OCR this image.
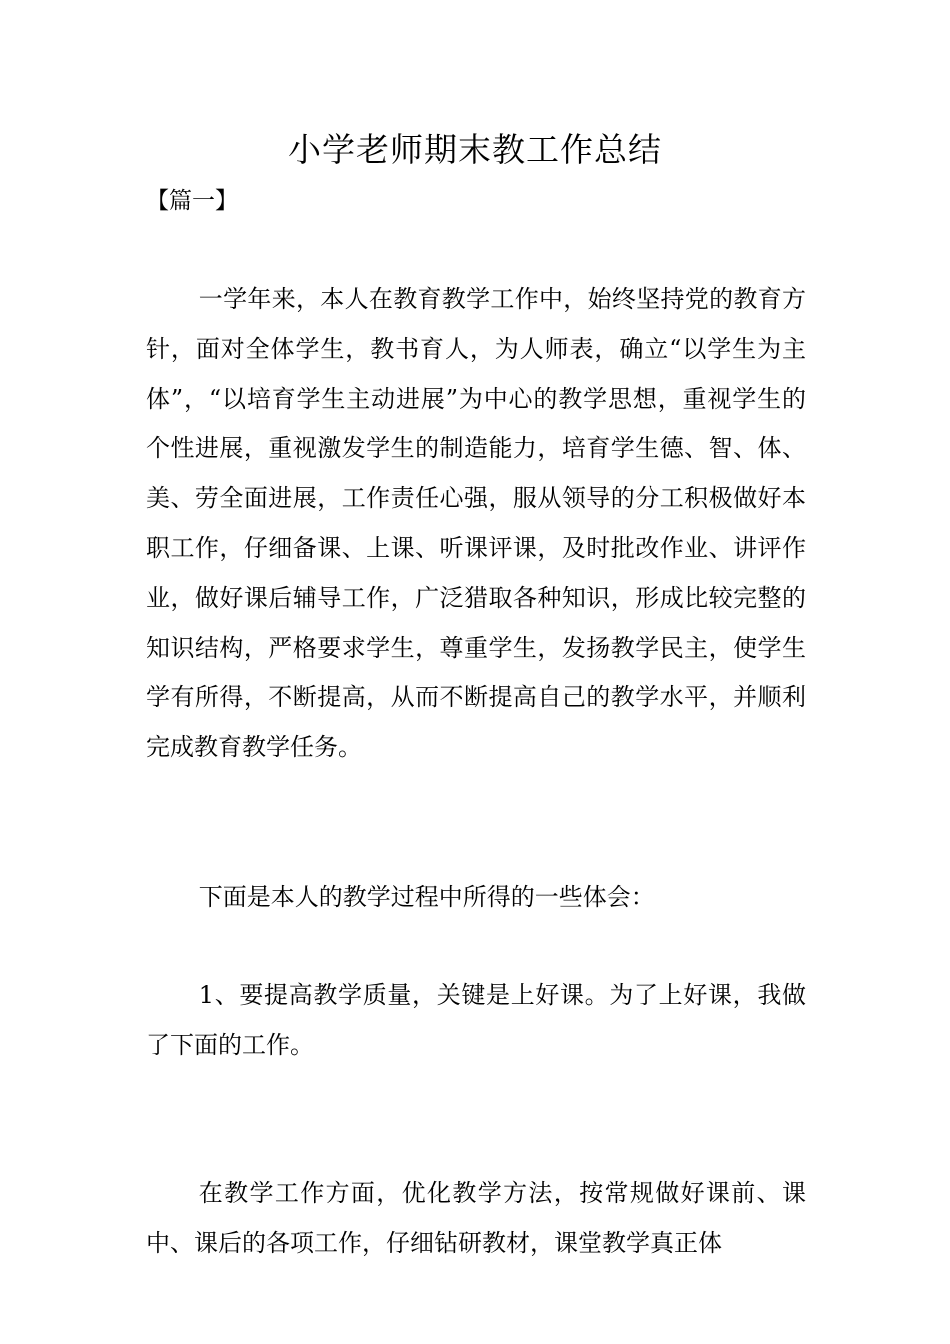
小学老师期末教工作总结
【篇一】

一学年来，本人在教育教学工作中，始终坚持党的教育方针，面对全体学生，教书育人，为人师表，确立“以学生为主体”，“以培育学生主动进展”为中心的教学思想，重视学生的个性进展，重视激发学生的制造能力，培育学生德、智、体、美、劳全面进展，工作责任心强，服从领导的分工积极做好本职工作，仔细备课、上课、听课评课，及时批改作业、讲评作业，做好课后辅导工作，广泛猎取各种知识，形成比较完整的知识结构，严格要求学生，尊重学生，发扬教学民主，使学生学有所得，不断提高，从而不断提高自己的教学水平，并顺利完成教育教学任务。

下面是本人的教学过程中所得的一些体会：

1、要提高教学质量，关键是上好课。为了上好课，我做了下面的工作。

在教学工作方面，优化教学方法，按常规做好课前、课中、课后的各项工作，仔细钻研教材，课堂教学真正体
